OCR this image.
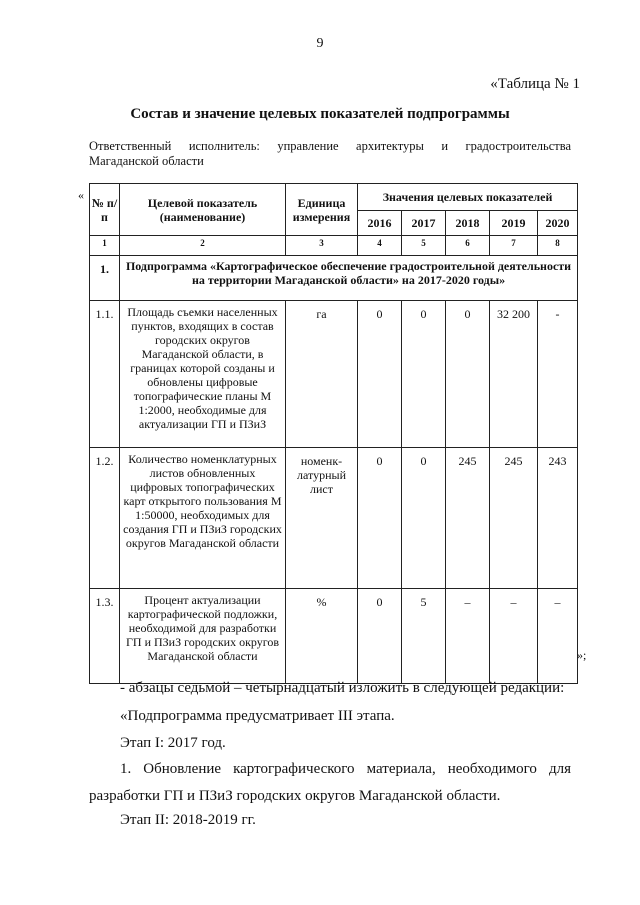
9
«Таблица № 1
Состав и значение целевых показателей подпрограммы
Ответственный исполнитель: управление архитектуры и градостроительства
Магаданской области
«
№ п/п	Целевой показатель (наименование)	Единица измерения	Значения целевых показателей				
			2016	2017	2018	2019	2020
1	2	3	4	5	6	7	8
1.	Подпрограмма «Картографическое обеспечение градостроительной деятельности на территории Магаданской области» на 2017-2020 годы»						
1.1.	Площадь съемки населенных пунктов, входящих в состав городских округов Магаданской области, в границах которой созданы и обновлены цифровые топографические планы М 1:2000, необходимые для актуализации ГП и ПЗиЗ	га	0	0	0	32 200	-
1.2.	Количество номенклатурных листов обновленных цифровых топографических карт открытого пользования М 1:50000, необходимых для создания ГП и ПЗиЗ городских округов Магаданской области	номенк-латурный лист	0	0	245	245	243
1.3.	Процент актуализации картографической подложки, необходимой для разработки ГП и ПЗиЗ городских округов Магаданской области	%	0	5	–	–	–
»;
- абзацы седьмой – четырнадцатый изложить в следующей редакции:
«Подпрограмма предусматривает III этапа.
Этап I: 2017 год.
1. Обновление картографического материала, необходимого для разработки ГП и ПЗиЗ городских округов Магаданской области.
Этап II: 2018-2019 гг.
